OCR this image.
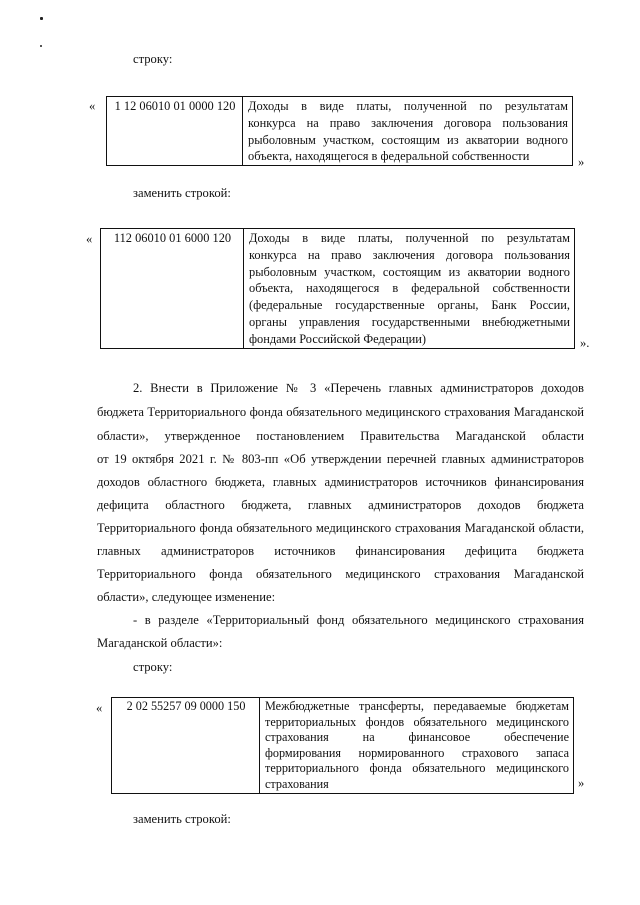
строку:
« 1 12 06010 01 0000 120	Доходы в виде платы, полученной по результатам
конкурса на право заключения договора пользования
рыболовным участком, состоящим из акватории водного
объекта, находящегося в федеральной собственности	»
заменить строкой:
« 112 06010 01 6000 120	Доходы в виде платы, полученной по результатам
конкурса на право заключения договора пользования
рыболовным участком, состоящим из акватории водного
объекта, находящегося в федеральной собственности
(федеральные государственные органы, Банк России,
органы управления государственными внебюджетными
фондами Российской Федерации)	».
2. Внести в Приложение № 3 «Перечень главных администраторов доходов
бюджета Территориального фонда обязательного медицинского страхования Магаданской
области», утвержденное постановлением Правительства Магаданской области
от 19 октября 2021 г. № 803-пп «Об утверждении перечней главных администраторов
доходов областного бюджета, главных администраторов источников финансирования
дефицита областного бюджета, главных администраторов доходов бюджета
Территориального фонда обязательного медицинского страхования Магаданской области,
главных администраторов источников финансирования дефицита бюджета
Территориального фонда обязательного медицинского страхования Магаданской
области», следующее изменение:
- в разделе «Территориальный фонд обязательного медицинского страхования
Магаданской области»:
строку:
« 2 02 55257 09 0000 150	Межбюджетные трансферты, передаваемые бюджетам
территориальных фондов обязательного медицинского
страхования на финансовое обеспечение
формирования нормированного страхового запаса
территориального фонда обязательного медицинского
страхования	»
заменить строкой:
